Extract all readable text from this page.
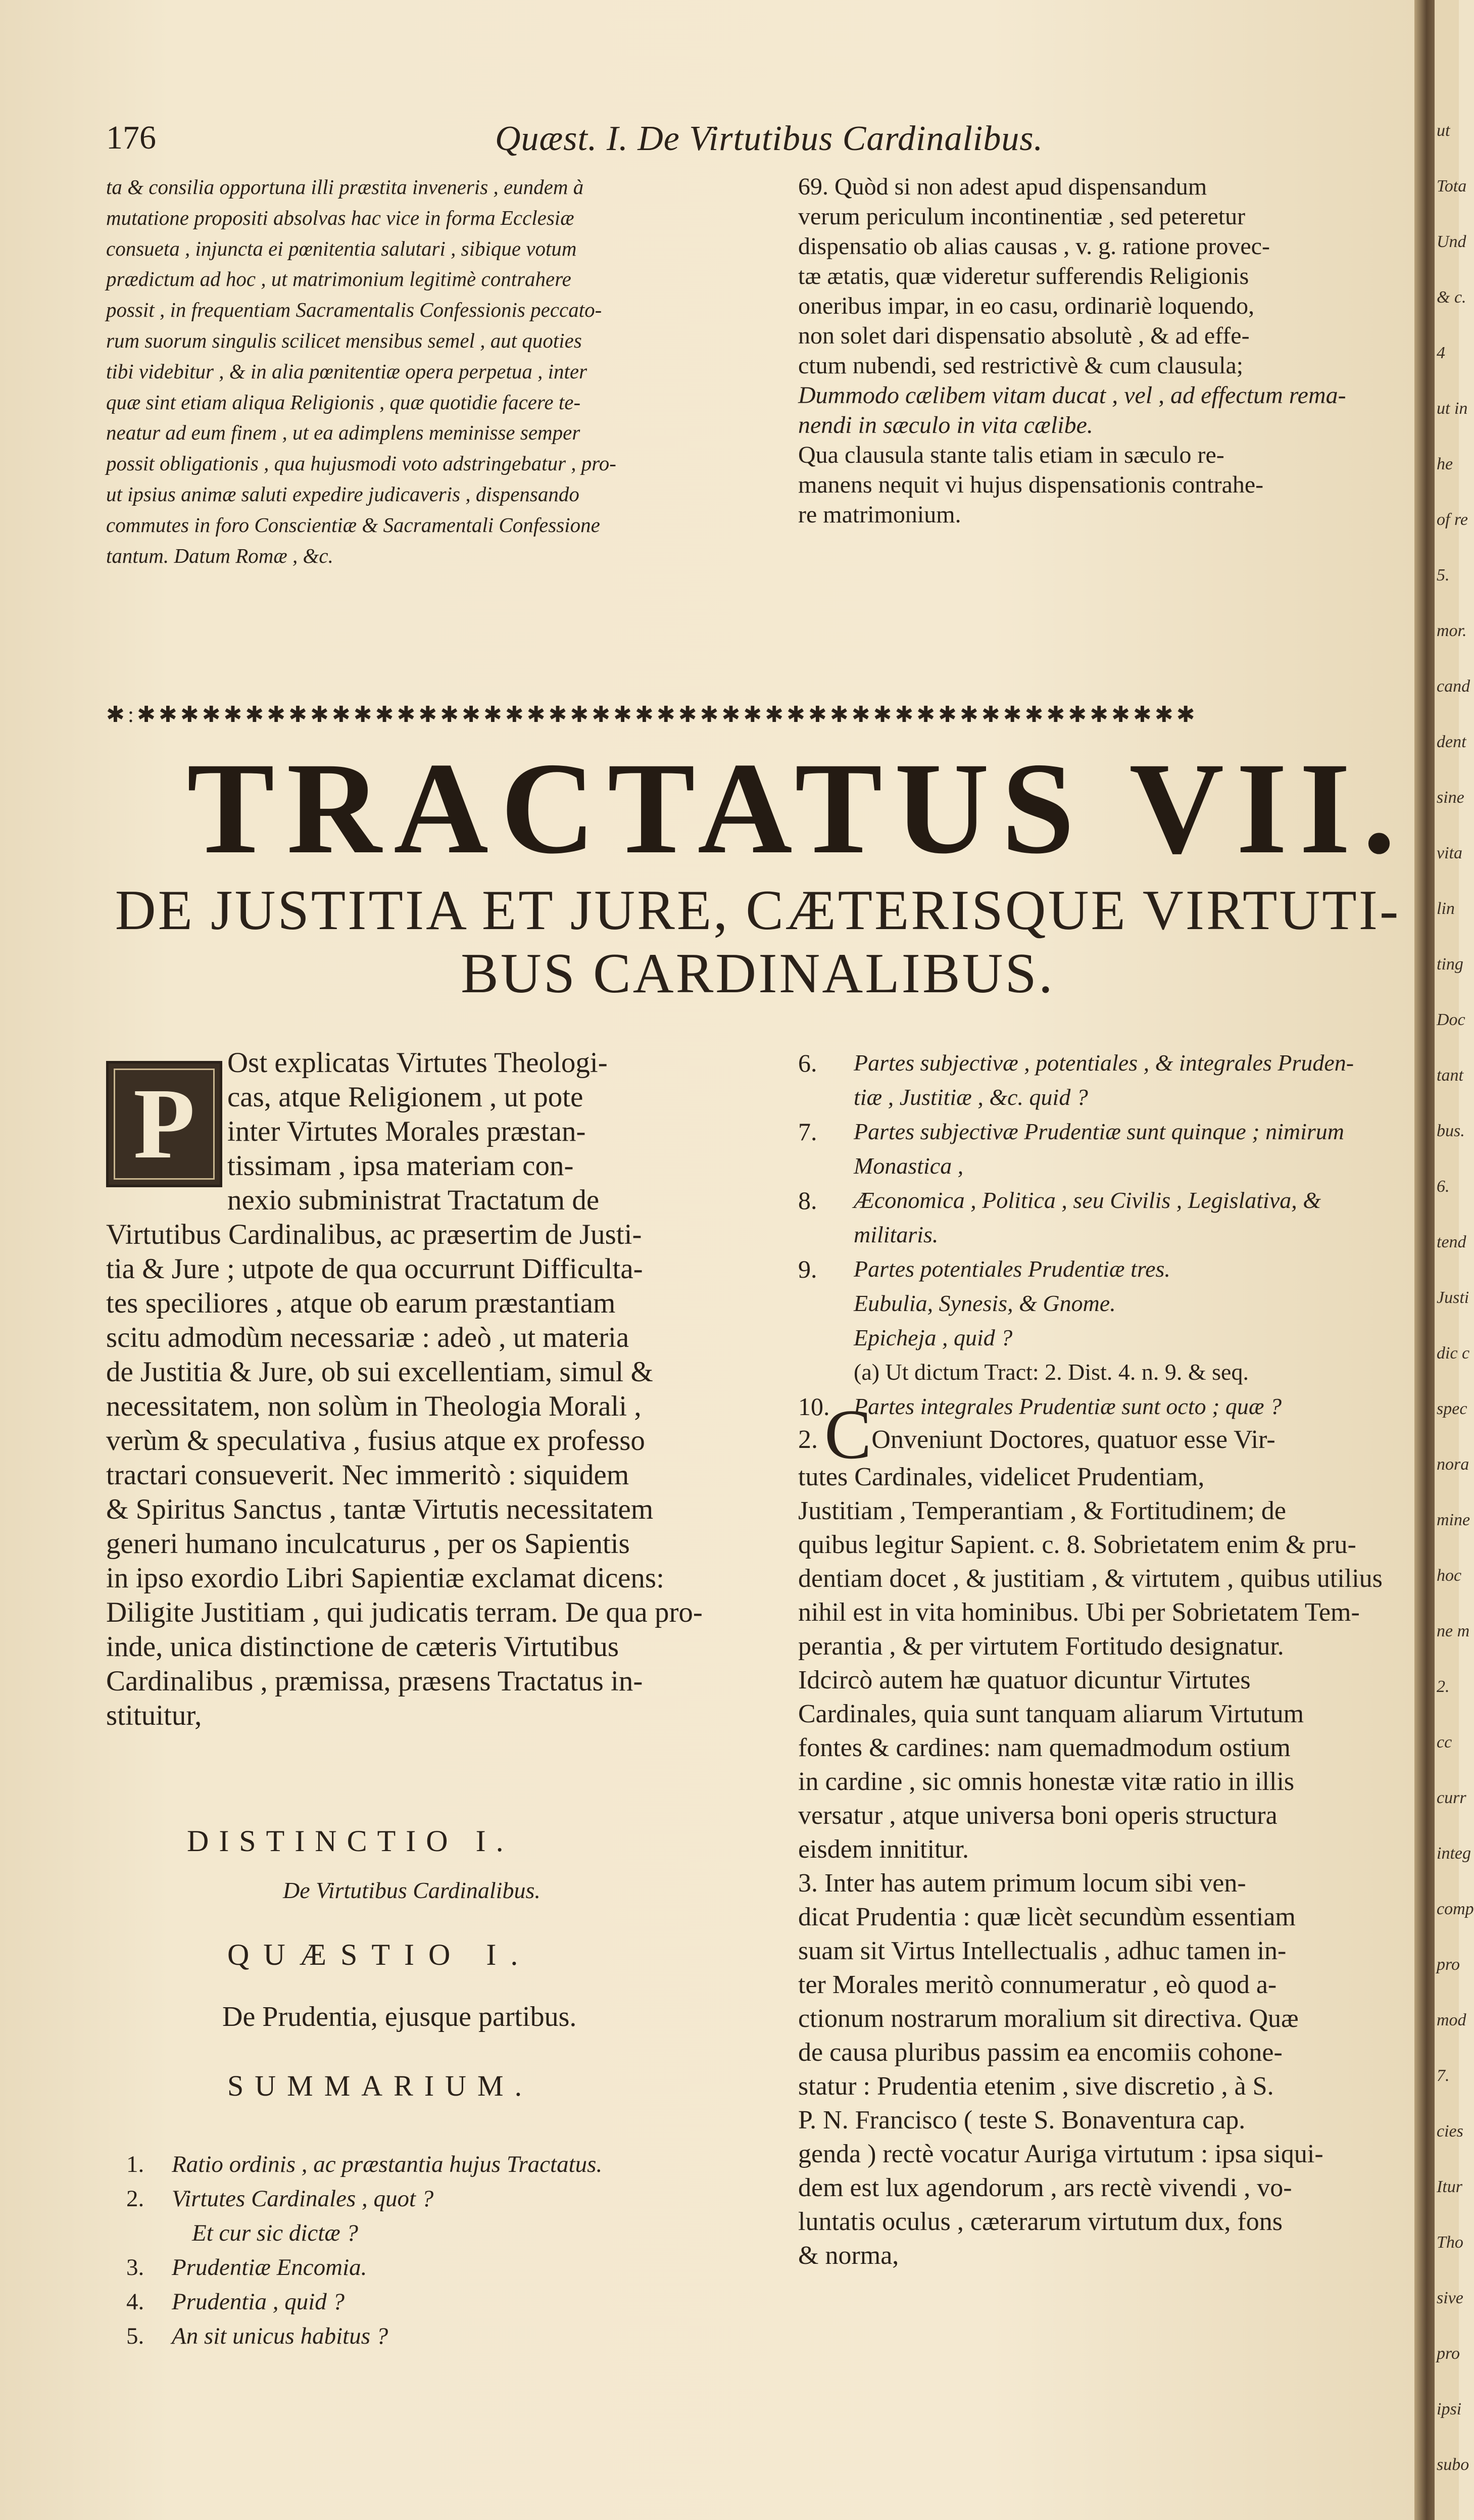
176	Quæst. I. De Virtutibus Cardinalibus.
ta & consilia opportuna illi præstita inveneris , eundem à
mutatione propositi absolvas hac vice in forma Ecclesiæ
consueta , injuncta ei pœnitentia salutari , sibique votum
prædictum ad hoc , ut matrimonium legitimè contrahere
possit , in frequentiam Sacramentalis Confessionis peccato-
rum suorum singulis scilicet mensibus semel , aut quoties
tibi videbitur , & in alia pœnitentiæ opera perpetua , inter
quæ sint etiam aliqua Religionis , quæ quotidie facere te-
neatur ad eum finem , ut ea adimplens meminisse semper
possit obligationis , qua hujusmodi voto adstringebatur , pro-
ut ipsius animæ saluti expedire judicaveris , dispensando
commutes in foro Conscientiæ & Sacramentali Confessione
tantum. Datum Romæ , &c.
69. Quòd si non adest apud dispensandum
verum periculum incontinentiæ , sed peteretur
dispensatio ob alias causas , v. g. ratione provec-
tæ ætatis, quæ videretur sufferendis Religionis
oneribus impar, in eo casu, ordinariè loquendo,
non solet dari dispensatio absolutè , & ad effe-
ctum nubendi, sed restrictivè & cum clausula;
Dummodo cælibem vitam ducat , vel , ad effectum rema-
nendi in sæculo in vita cælibe.
Qua clausula stante talis etiam in sæculo re-
manens nequit vi hujus dispensationis contrahe-
re matrimonium.
✱:✱✱✱✱✱✱✱✱✱✱✱✱✱✱✱✱✱✱✱✱✱✱✱✱✱✱✱✱✱✱✱✱✱✱✱✱✱✱✱✱✱✱✱✱✱✱✱✱✱
TRACTATUS VII.
DE JUSTITIA ET JURE, CÆTERISQUE VIRTUTI-
BUS CARDINALIBUS.
P
Ost explicatas Virtutes Theologi-
cas, atque Religionem , ut pote
inter Virtutes Morales præstan-
tissimam , ipsa materiam con-
nexio subministrat Tractatum de
Virtutibus Cardinalibus, ac præsertim de Justi-
tia & Jure ; utpote de qua occurrunt Difficulta-
tes speciliores , atque ob earum præstantiam
scitu admodùm necessariæ : adeò , ut materia
de Justitia & Jure, ob sui excellentiam, simul &
necessitatem, non solùm in Theologia Morali ,
verùm & speculativa , fusius atque ex professo
tractari consueverit. Nec immeritò : siquidem
& Spiritus Sanctus , tantæ Virtutis necessitatem
generi humano inculcaturus , per os Sapientis
in ipso exordio Libri Sapientiæ exclamat dicens:
Diligite Justitiam , qui judicatis terram. De qua pro-
inde, unica distinctione de cæteris Virtutibus
Cardinalibus , præmissa, præsens Tractatus in-
stituitur,
DISTINCTIO I.
De Virtutibus Cardinalibus.
QUÆSTIO I.
De Prudentia, ejusque partibus.
SUMMARIUM.
1. Ratio ordinis , ac præstantia hujus Tractatus.
2. Virtutes Cardinales , quot ?
Et cur sic dictæ ?
3. Prudentiæ Encomia.
4. Prudentia , quid ?
5. An sit unicus habitus ?
6. Partes subjectivæ , potentiales , & integrales Pruden-
tiæ , Justitiæ , &c. quid ?
7. Partes subjectivæ Prudentiæ sunt quinque ; nimirum
Monastica ,
8. Æconomica , Politica , seu Civilis , Legislativa, &
militaris.
9. Partes potentiales Prudentiæ tres.
Eubulia, Synesis, & Gnome.
Epicheja , quid ?
(a) Ut dictum Tract: 2. Dist. 4. n. 9. & seq.
10. Partes integrales Prudentiæ sunt octo ; quæ ?
2. COnveniunt Doctores, quatuor esse Vir-
tutes Cardinales, videlicet Prudentiam,
Justitiam , Temperantiam , & Fortitudinem; de
quibus legitur Sapient. c. 8. Sobrietatem enim & pru-
dentiam docet , & justitiam , & virtutem , quibus utilius
nihil est in vita hominibus. Ubi per Sobrietatem Tem-
perantia , & per virtutem Fortitudo designatur.
Idcircò autem hæ quatuor dicuntur Virtutes
Cardinales, quia sunt tanquam aliarum Virtutum
fontes & cardines: nam quemadmodum ostium
in cardine , sic omnis honestæ vitæ ratio in illis
versatur , atque universa boni operis structura
eisdem innititur.
3. Inter has autem primum locum sibi ven-
dicat Prudentia : quæ licèt secundùm essentiam
suam sit Virtus Intellectualis , adhuc tamen in-
ter Morales meritò connumeratur , eò quod a-
ctionum nostrarum moralium sit directiva. Quæ
de causa pluribus passim ea encomiis cohone-
statur : Prudentia etenim , sive discretio , à S.
P. N. Francisco ( teste S. Bonaventura cap.
genda ) rectè vocatur Auriga virtutum : ipsa siqui-
dem est lux agendorum , ars rectè vivendi , vo-
luntatis oculus , cæterarum virtutum dux, fons
& norma,
ut
Tota
Und
& c.
4
ut in
he
of re
5.
mor.
cand
dent
sine
vita
lin
ting
Doc
tant
bus.
6.
tend
Justi
dic c
spec
nora
mine
hoc
ne m
2.
cc
curr
integ
comp
pro
mod
7.
cies
Itur
Tho
sive
pro
ipsi
subo
